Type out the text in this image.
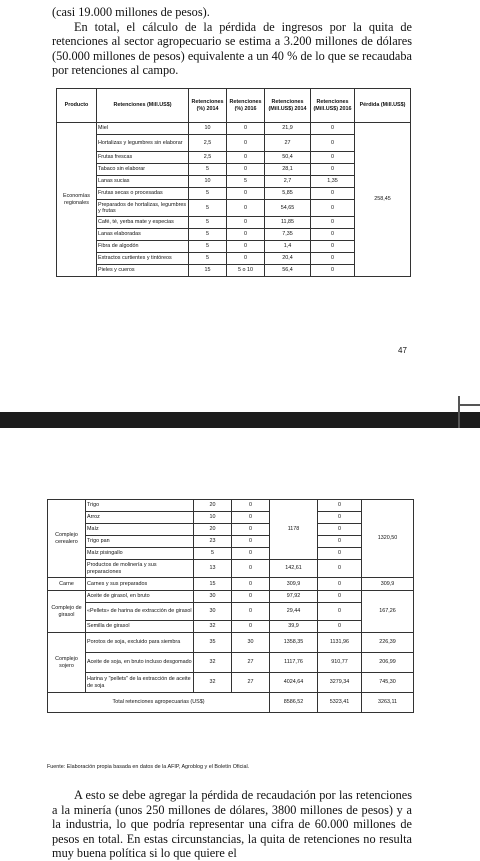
(casi 19.000 millones de pesos).
En total, el cálculo de la pérdida de ingresos por la quita de retenciones al sector agropecuario se estima a 3.200 millones de dólares (50.000 millones de pesos) equivalente a un 40 % de lo que se recaudaba por retenciones al campo.
Producto	Retenciones (Mill.US$)	Retenciones (%) 2014	Retenciones (%) 2016	Retenciones (Mill.US$) 2014	Retenciones (Mill.US$) 2016	Pérdida (Mill.US$)
Economías regionales	Miel	10	0	21,9	0	258,45
	Hortalizas y legumbres sin elaborar	2,5	0	27	0	
	Frutas frescas	2,5	0	50,4	0	
	Tabaco sin elaborar	5	0	28,1	0	
	Lanas sucias	10	5	2,7	1,35	
	Frutas secas o procesadas	5	0	5,85	0	
	Preparados de hortalizas, legumbres y frutas	5	0	54,65	0	
	Café, té, yerba mate y especias	5	0	11,85	0	
	Lanas elaboradas	5	0	7,35	0	
	Fibra de algodón	5	0	1,4	0	
	Extractos curtientes y tintóreos	5	0	20,4	0	
	Pieles y cueros	15	5 o 10	56,4	0	
47
Complejo cerealero	Trigo	20	0	1178	0	1320,50
	Arroz	10	0		0	
	Maíz	20	0		0	
	Trigo pan	23	0		0	
	Maíz pisingallo	5	0		0	
	Productos de molinería y sus preparaciones	13	0	142,61	0	
Carne	Carnes y sus preparados	15	0	309,9	0	309,9
Complejo de girasol	Aceite de girasol, en bruto	30	0	97,92	0	167,26
	«Pellets» de harina de extracción de girasol	30	0	29,44	0	
	Semilla de girasol	32	0	39,9	0	
Complejo sojero	Porotos de soja, excluido para siembra	35	30	1358,35	1131,96	226,39
	Aceite de soja, en bruto incluso desgomado	32	27	1117,76	910,77	206,99
	Harina y "pellets" de la extracción de aceite de soja	32	27	4024,64	3279,34	745,30
Total retenciones agropecuarias (US$)				8586,52	5323,41	3263,11
Fuente: Elaboración propia basada en datos de la AFIP, Agroblog y el Boletín Oficial.
A esto se debe agregar la pérdida de recaudación por las retenciones a la minería (unos 250 millones de dólares, 3800 millones de pesos) y a la industria, lo que podría representar una cifra de 60.000 millones de pesos en total. En estas circunstancias, la quita de retenciones no resulta muy buena política si lo que quiere el
